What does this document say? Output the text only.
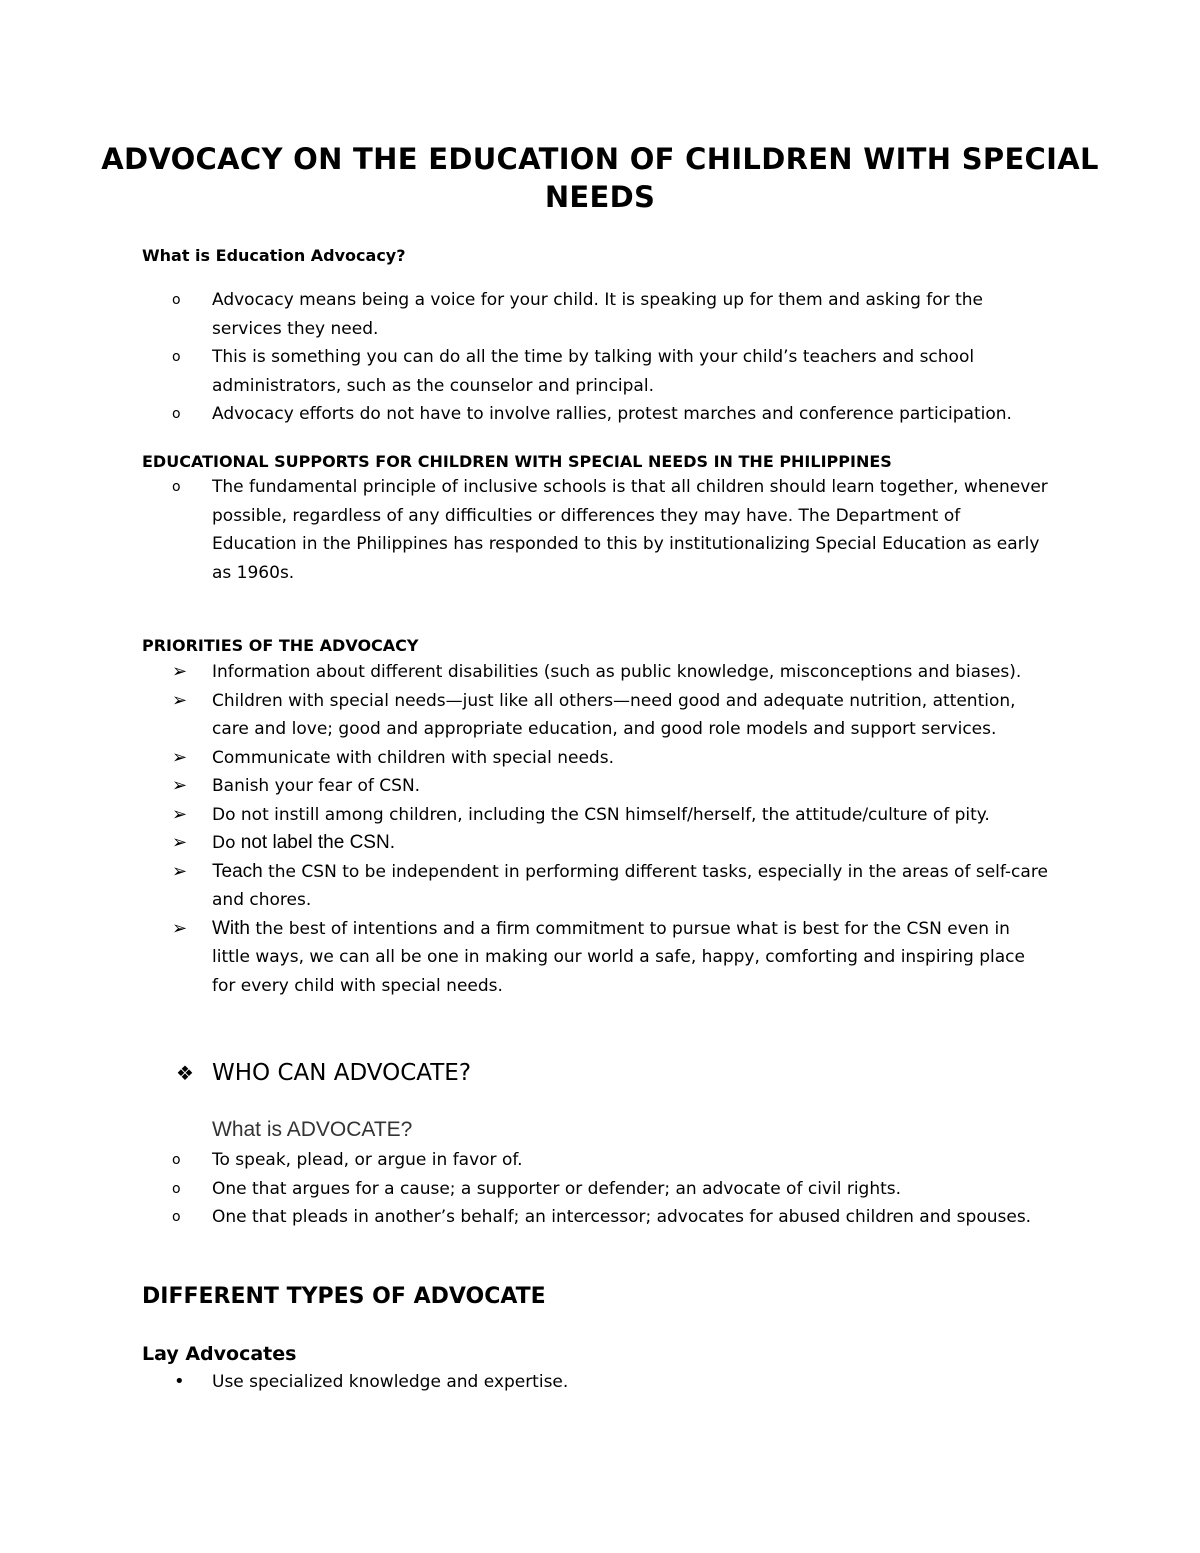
ADVOCACY ON THE EDUCATION OF CHILDREN WITH SPECIAL NEEDS
What is Education Advocacy?
o	Advocacy means being a voice for your child. It is speaking up for them and asking for the services they need.
o	This is something you can do all the time by talking with your child’s teachers and school administrators, such as the counselor and principal.
o	Advocacy efforts do not have to involve rallies, protest marches and conference participation.
EDUCATIONAL SUPPORTS FOR CHILDREN WITH SPECIAL NEEDS IN THE PHILIPPINES
o	The fundamental principle of inclusive schools is that all children should learn together, whenever possible, regardless of any difficulties or differences they may have. The Department of Education in the Philippines has responded to this by institutionalizing Special Education as early as 1960s.
PRIORITIES OF THE ADVOCACY
➢	Information about different disabilities (such as public knowledge, misconceptions and biases).
➢	Children with special needs—just like all others—need good and adequate nutrition, attention, care and love; good and appropriate education, and good role models and support services.
➢	Communicate with children with special needs.
➢	Banish your fear of CSN.
➢	Do not instill among children, including the CSN himself/herself, the attitude/culture of pity.
➢	Do not label the CSN.
➢	Teach the CSN to be independent in performing different tasks, especially in the areas of self-care and chores.
➢	With the best of intentions and a firm commitment to pursue what is best for the CSN even in little ways, we can all be one in making our world a safe, happy, comforting and inspiring place for every child with special needs.
❖ WHO CAN ADVOCATE?
What is ADVOCATE?
o	To speak, plead, or argue in favor of.
o	One that argues for a cause; a supporter or defender; an advocate of civil rights.
o	One that pleads in another’s behalf; an intercessor; advocates for abused children and spouses.
DIFFERENT TYPES OF ADVOCATE
Lay Advocates
•	Use specialized knowledge and expertise.
